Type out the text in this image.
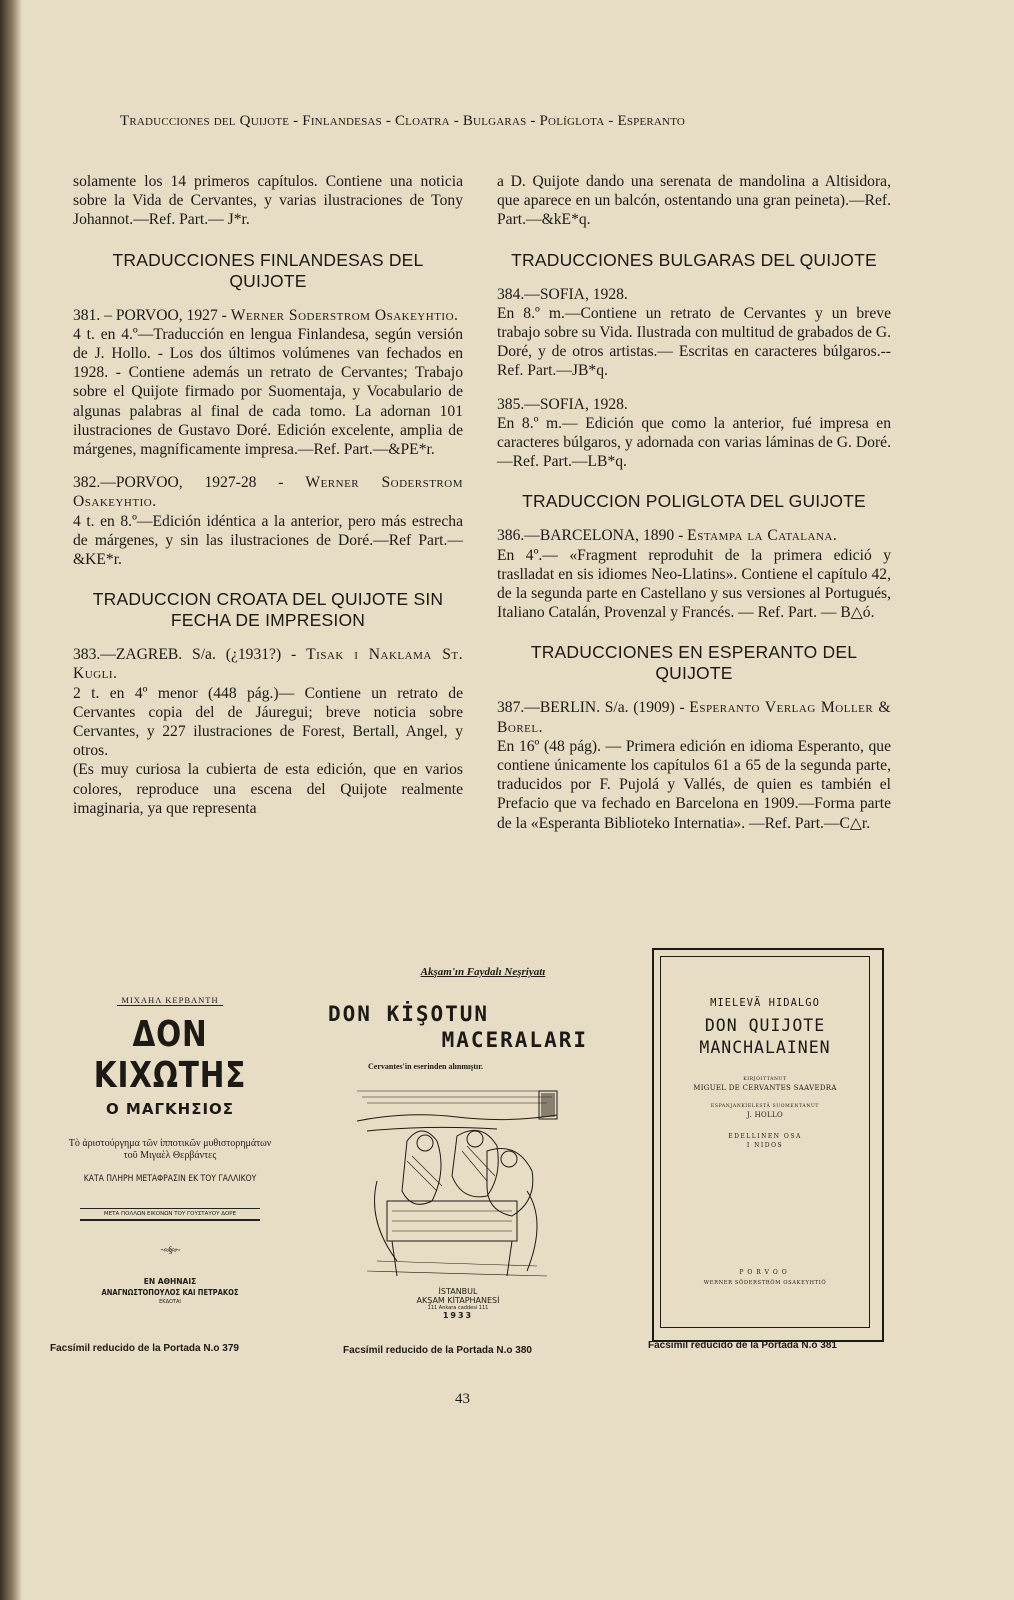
Traducciones del Quijote - Finlandesas - Cloatra - Bulgaras - Políglota - Esperanto

solamente los 14 primeros capítulos. Contiene una noticia sobre la Vida de Cervantes, y varias ilustraciones de Tony Johannot.—Ref. Part.— J*r.

TRADUCCIONES FINLANDESAS DEL QUIJOTE

381. – PORVOO, 1927 - Werner Soderstrom Osakeyhtio.

4 t. en 4.º—Traducción en lengua Finlandesa, según versión de J. Hollo. - Los dos últimos volúmenes van fechados en 1928. - Contiene además un retrato de Cervantes; Trabajo sobre el Quijote firmado por Suomentaja, y Vocabulario de algunas palabras al final de cada tomo. La adornan 101 ilustraciones de Gustavo Doré. Edición excelente, amplia de márgenes, magníficamente impresa.—Ref. Part.—&PE*r.

382.—PORVOO, 1927-28 - Werner Soderstrom Osakeyhtio.

4 t. en 8.º—Edición idéntica a la anterior, pero más estrecha de márgenes, y sin las ilustraciones de Doré.—Ref Part.—&KE*r.

TRADUCCION CROATA DEL QUIJOTE SIN FECHA DE IMPRESION

383.—ZAGREB. S/a. (¿1931?) - Tisak i Naklama St. Kugli.

2 t. en 4º menor (448 pág.)— Contiene un retrato de Cervantes copia del de Jáuregui; breve noticia sobre Cervantes, y 227 ilustraciones de Forest, Bertall, Angel, y otros.

(Es muy curiosa la cubierta de esta edición, que en varios colores, reproduce una escena del Quijote realmente imaginaria, ya que representa

a D. Quijote dando una serenata de mandolina a Altisidora, que aparece en un balcón, ostentando una gran peineta).—Ref. Part.—&kE*q.

TRADUCCIONES BULGARAS DEL QUIJOTE

384.—SOFIA, 1928.

En 8.º m.—Contiene un retrato de Cervantes y un breve trabajo sobre su Vida. Ilustrada con multitud de grabados de G. Doré, y de otros artistas.— Escritas en caracteres búlgaros.--Ref. Part.—JB*q.

385.—SOFIA, 1928.

En 8.º m.— Edición que como la anterior, fué impresa en caracteres búlgaros, y adornada con varias láminas de G. Doré.—Ref. Part.—LB*q.

TRADUCCION POLIGLOTA DEL GUIJOTE

386.—BARCELONA, 1890 - Estampa la Catalana.

En 4º.— «Fragment reproduhit de la primera edició y traslladat en sis idiomes Neo-Llatins». Contiene el capítulo 42, de la segunda parte en Castellano y sus versiones al Portugués, Italiano Catalán, Provenzal y Francés. — Ref. Part. — B△ó.

TRADUCCIONES EN ESPERANTO DEL QUIJOTE

387.—BERLIN. S/a. (1909) - Esperanto Verlag Moller & Borel.

En 16º (48 pág). — Primera edición en idioma Esperanto, que contiene únicamente los capítulos 61 a 65 de la segunda parte, traducidos por F. Pujolá y Vallés, de quien es también el Prefacio que va fechado en Barcelona en 1909.—Forma parte de la «Esperanta Biblioteko Internatia». —Ref. Part.—C△r.

ΜΙΧΑΗΛ ΚΕΡΒΑΝΤΗ
ΔΟΝ ΚΙΧΩΤΗΣ
Ο ΜΑΓΚΗΣΙΟΣ
Τὸ ἀριστούργημα τῶν ἱπποτικῶν μυθιστορημάτων τοῦ Μιγαὲλ Θερβάντες
ΚΑΤΑ ΠΛΗΡΗ ΜΕΤΑΦΡΑΣΙΝ ΕΚ ΤΟΥ ΓΑΛΛΙΚΟΥ
ΜΕΤΑ ΠΟΛΛΩΝ ΕΙΚΟΝΩΝ ΤΟΥ ΓΟΥΣΤΑΥΟΥ ΔΟΡΕ
~≈§≈~
ΕΝ ΑΘΗΝΑΙΣ
ΑΝΑΓΝΩΣΤΟΠΟΥΛΟΣ ΚΑΙ ΠΕΤΡΑΚΟΣ
ΕΚΔΟΤΑΙ
Facsímil reducido de la Portada N.o 379
Akşam'ın Faydalı Neşriyatı
DON KİŞOTUN
MACERALARI
Cervantes'in eserinden alınmıştır.
İSTANBUL
AKŞAM KİTAPHANESİ
111 Ankara caddesi 111
1933
Facsímil reducido de la Portada N.o 380
MIELEVÄ HIDALGO
DON QUIJOTE
MANCHALAINEN
KIRJOITTANUT
MIGUEL DE CERVANTES SAAVEDRA
ESPANJANKIELESTÄ SUOMENTANUT
J. HOLLO
EDELLINEN OSA
I NIDOS
PORVOO
WERNER SÖDERSTRÖM OSAKEYHTIÖ
Facsímil reducido de la Portada N.o 381
43
